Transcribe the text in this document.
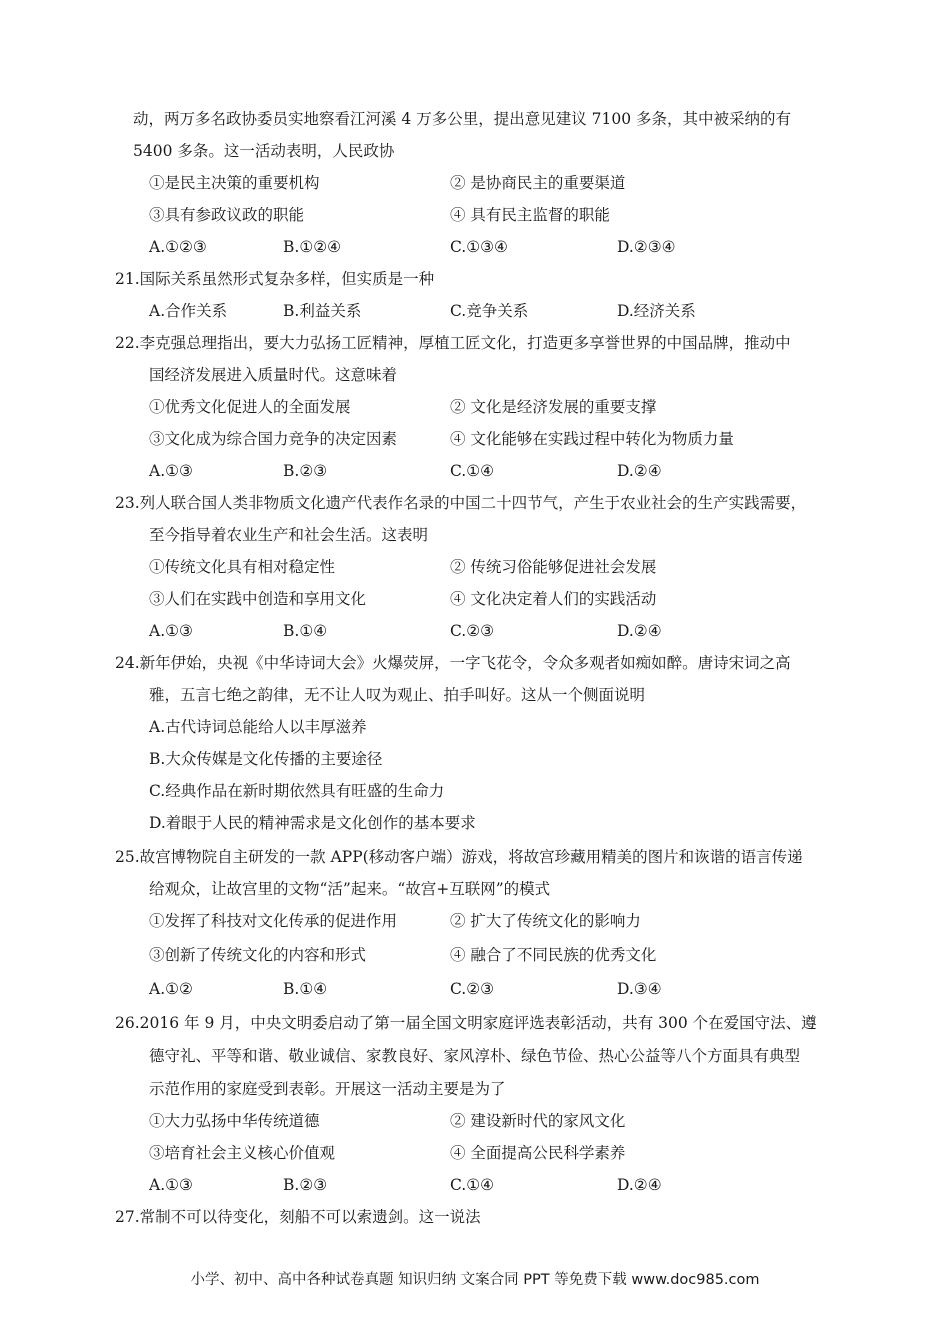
动，两万多名政协委员实地察看江河溪 4 万多公里，提出意见建议 7100 多条，其中被采纳的有
5400 多条。这一活动表明，人民政协
①是民主决策的重要机构	② 是协商民主的重要渠道
③具有参政议政的职能	④ 具有民主监督的职能
A.①②③	B.①②④	C.①③④	D.②③④
21.国际关系虽然形式复杂多样，但实质是一种
A.合作关系	B.利益关系	C.竞争关系	D.经济关系
22.李克强总理指出，要大力弘扬工匠精神，厚植工匠文化，打造更多享誉世界的中国品牌，推动中
国经济发展进入质量时代。这意味着
①优秀文化促进人的全面发展	② 文化是经济发展的重要支撑
③文化成为综合国力竞争的决定因素	④ 文化能够在实践过程中转化为物质力量
A.①③	B.②③	C.①④	D.②④
23.列人联合国人类非物质文化遗产代表作名录的中国二十四节气，产生于农业社会的生产实践需要，
至今指导着农业生产和社会生活。这表明
①传统文化具有相对稳定性	② 传统习俗能够促进社会发展
③人们在实践中创造和享用文化	④ 文化决定着人们的实践活动
A.①③	B.①④	C.②③	D.②④
24.新年伊始，央视《中华诗词大会》火爆荧屏，一字飞花令，令众多观者如痴如醉。唐诗宋词之高
雅，五言七绝之韵律，无不让人叹为观止、拍手叫好。这从一个侧面说明
A.古代诗词总能给人以丰厚滋养
B.大众传媒是文化传播的主要途径
C.经典作品在新时期依然具有旺盛的生命力
D.着眼于人民的精神需求是文化创作的基本要求
25.故宫博物院自主研发的一款 APP(移动客户端）游戏，将故宫珍藏用精美的图片和诙谐的语言传递
给观众，让故宫里的文物“活”起来。“故宫+互联网”的模式
①发挥了科技对文化传承的促进作用	② 扩大了传统文化的影响力
③创新了传统文化的内容和形式	④ 融合了不同民族的优秀文化
A.①②	B.①④	C.②③	D.③④
26.2016 年 9 月，中央文明委启动了第一届全国文明家庭评选表彰活动，共有 300 个在爱国守法、遵
德守礼、平等和谐、敬业诚信、家教良好、家风淳朴、绿色节俭、热心公益等八个方面具有典型
示范作用的家庭受到表彰。开展这一活动主要是为了
①大力弘扬中华传统道德	② 建设新时代的家风文化
③培育社会主义核心价值观	④ 全面提高公民科学素养
A.①③	B.②③	C.①④	D.②④
27.常制不可以待变化，刻船不可以索遗剑。这一说法
小学、初中、高中各种试卷真题 知识归纳 文案合同 PPT 等免费下载 www.doc985.com
